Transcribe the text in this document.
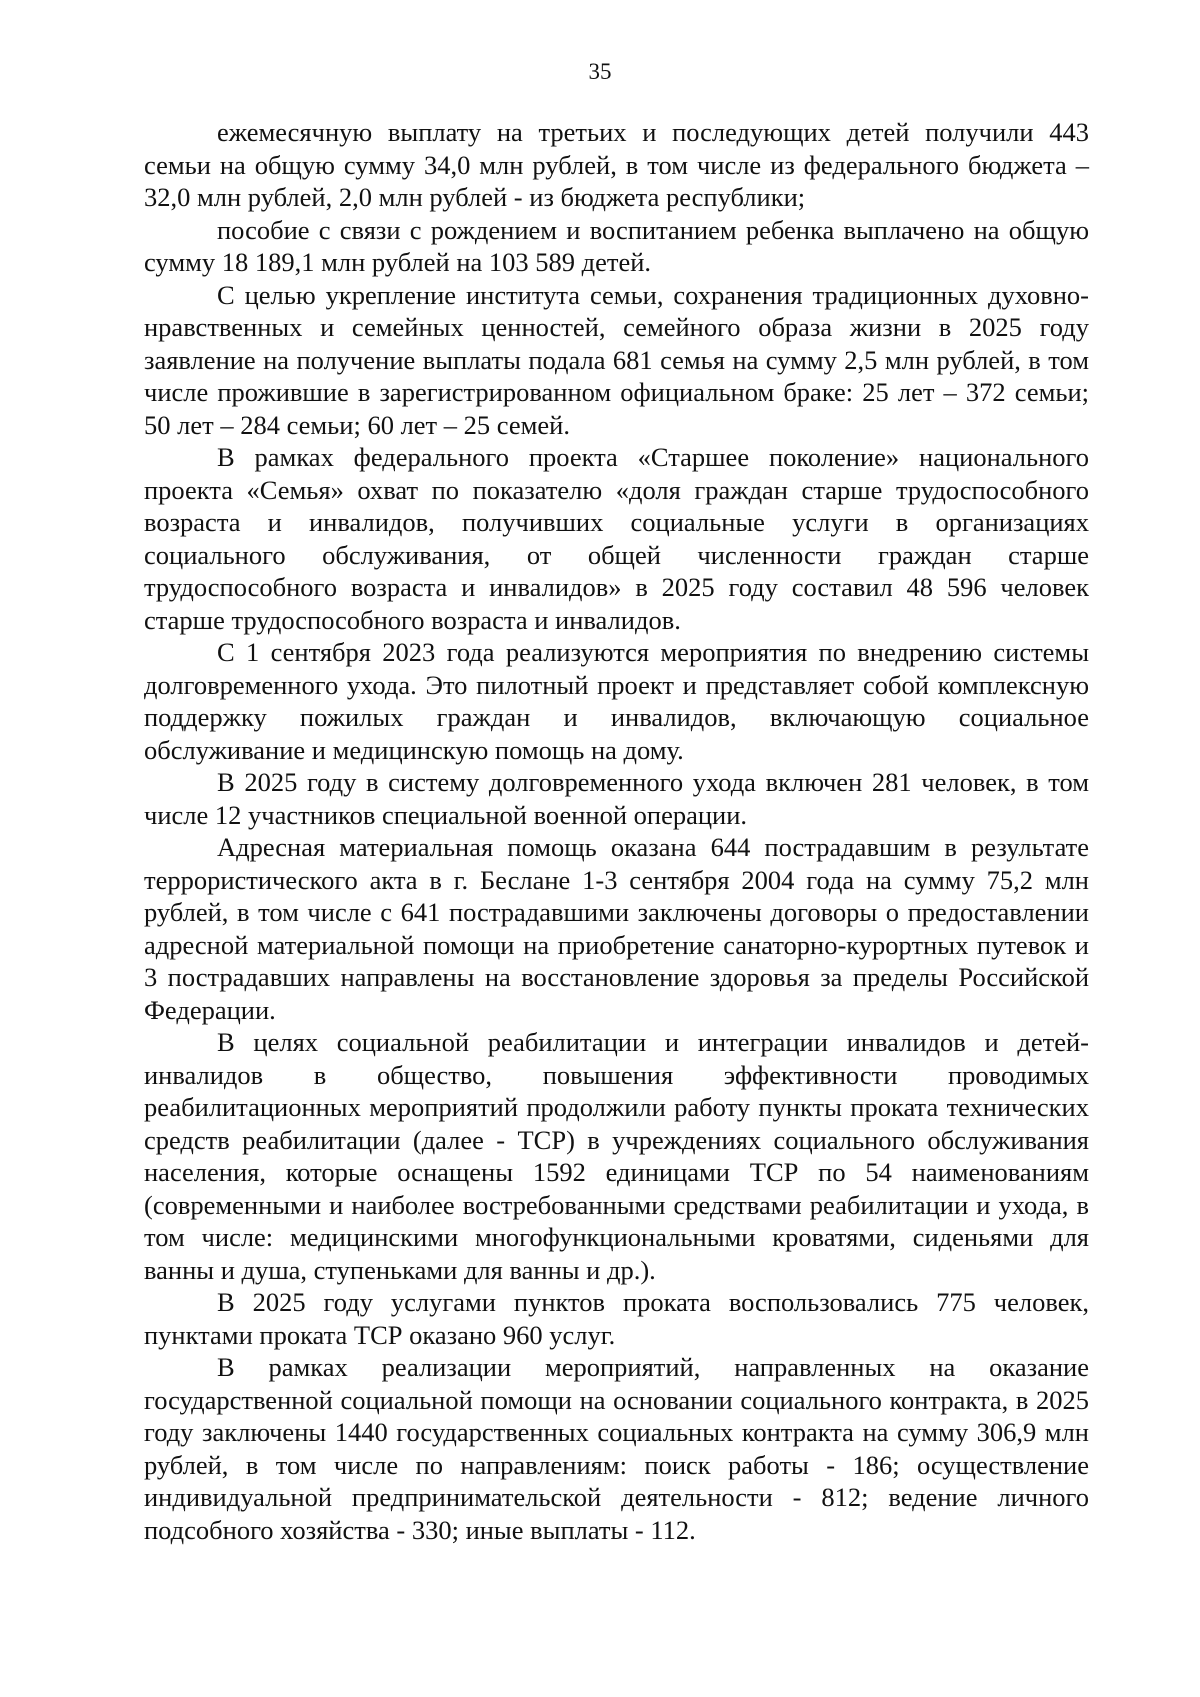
35

ежемесячную выплату на третьих и последующих детей получили 443 семьи на общую сумму 34,0 млн рублей, в том числе из федерального бюджета – 32,0 млн рублей, 2,0 млн рублей - из бюджета республики;

пособие с связи с рождением и воспитанием ребенка выплачено на общую сумму 18 189,1 млн рублей на 103 589 детей.

С целью укрепление института семьи, сохранения традиционных духовно-нравственных и семейных ценностей, семейного образа жизни в 2025 году заявление на получение выплаты подала 681 семья на сумму 2,5 млн рублей, в том числе прожившие в зарегистрированном официальном браке: 25 лет – 372 семьи; 50 лет – 284 семьи; 60 лет – 25 семей.

В рамках федерального проекта «Старшее поколение» национального проекта «Семья» охват по показателю «доля граждан старше трудоспособного возраста и инвалидов, получивших социальные услуги в организациях социального обслуживания, от общей численности граждан старше трудоспособного возраста и инвалидов» в 2025 году составил 48 596 человек старше трудоспособного возраста и инвалидов.

С 1 сентября 2023 года реализуются мероприятия по внедрению системы долговременного ухода. Это пилотный проект и представляет собой комплексную поддержку пожилых граждан и инвалидов, включающую социальное обслуживание и медицинскую помощь на дому.

В 2025 году в систему долговременного ухода включен 281 человек, в том числе 12 участников специальной военной операции.

Адресная материальная помощь оказана 644 пострадавшим в результате террористического акта в г. Беслане 1-3 сентября 2004 года на сумму 75,2 млн рублей, в том числе с 641 пострадавшими заключены договоры о предоставлении адресной материальной помощи на приобретение санаторно-курортных путевок и 3 пострадавших направлены на восстановление здоровья за пределы Российской Федерации.

В целях социальной реабилитации и интеграции инвалидов и детей-инвалидов в общество, повышения эффективности проводимых реабилитационных мероприятий продолжили работу пункты проката технических средств реабилитации (далее - ТСР) в учреждениях социального обслуживания населения, которые оснащены 1592 единицами ТСР по 54 наименованиям (современными и наиболее востребованными средствами реабилитации и ухода, в том числе: медицинскими многофункциональными кроватями, сиденьями для ванны и душа, ступеньками для ванны и др.).

В 2025 году услугами пунктов проката воспользовались 775 человек, пунктами проката ТСР оказано 960 услуг.

В рамках реализации мероприятий, направленных на оказание государственной социальной помощи на основании социального контракта, в 2025 году заключены 1440 государственных социальных контракта на сумму 306,9 млн рублей, в том числе по направлениям: поиск работы - 186; осуществление индивидуальной предпринимательской деятельности - 812; ведение личного подсобного хозяйства - 330; иные выплаты - 112.
